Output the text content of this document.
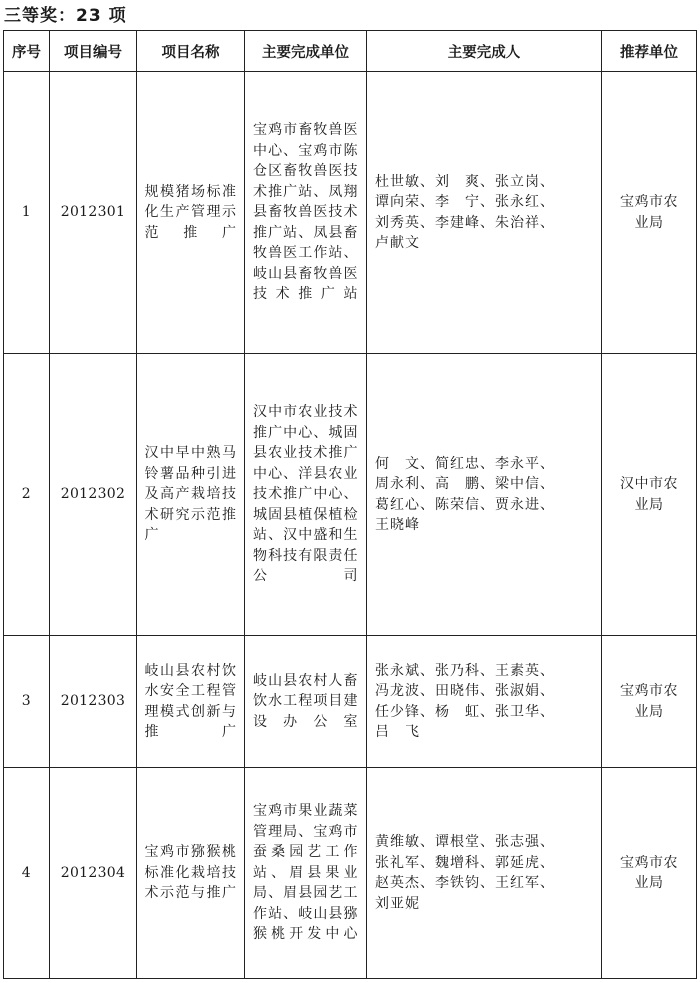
三等奖：23 项
序号	项目编号	项目名称	主要完成单位	主要完成人	推荐单位
1	2012301	规模猪场标准化生产管理示范推广	宝鸡市畜牧兽医中心、宝鸡市陈仓区畜牧兽医技术推广站、凤翔县畜牧兽医技术推广站、凤县畜牧兽医工作站、岐山县畜牧兽医技术推广站	杜世敏、刘　爽、张立岗、
谭向荣、李　宁、张永红、
刘秀英、李建峰、朱治祥、
卢献文	宝鸡市农业局
2	2012302	汉中早中熟马铃薯品种引进及高产栽培技术研究示范推广	汉中市农业技术推广中心、城固县农业技术推广中心、洋县农业技术推广中心、城固县植保植检站、汉中盛和生物科技有限责任公司	何　文、简红忠、李永平、
周永利、高　鹏、梁中信、
葛红心、陈荣信、贾永进、
王晓峰	汉中市农业局
3	2012303	岐山县农村饮水安全工程管理模式创新与推广	岐山县农村人畜饮水工程项目建设办公室	张永斌、张乃科、王素英、
冯龙波、田晓伟、张淑娟、
任少锋、杨　虹、张卫华、
吕　飞	宝鸡市农业局
4	2012304	宝鸡市猕猴桃标准化栽培技术示范与推广	宝鸡市果业蔬菜管理局、宝鸡市蚕桑园艺工作站、眉县果业局、眉县园艺工作站、岐山县猕猴桃开发中心	黄维敏、谭根堂、张志强、
张礼军、魏增科、郭延虎、
赵英杰、李铁钧、王红军、
刘亚妮	宝鸡市农业局
